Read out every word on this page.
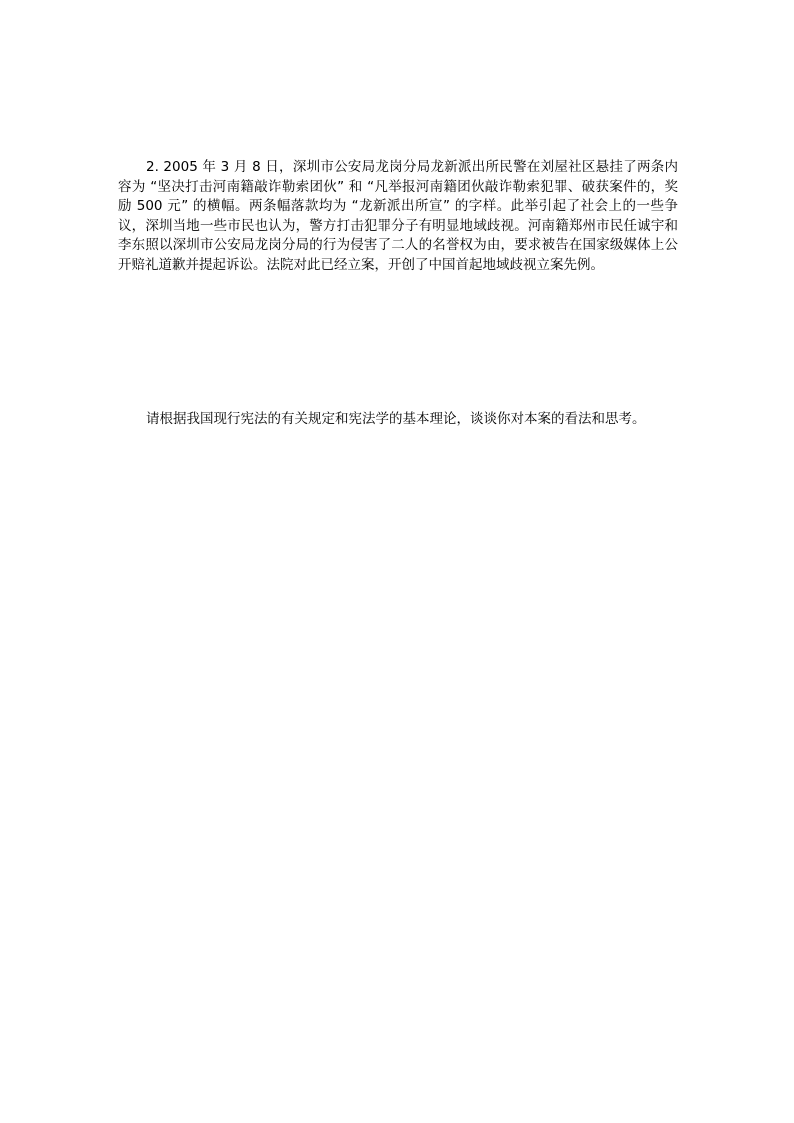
2. 2005 年 3 月 8 日，深圳市公安局龙岗分局龙新派出所民警在刘屋社区悬挂了两条内容为 “坚决打击河南籍敲诈勒索团伙” 和 “凡举报河南籍团伙敲诈勒索犯罪、破获案件的，奖励 500 元” 的横幅。两条幅落款均为 “龙新派出所宣” 的字样。此举引起了社会上的一些争议，深圳当地一些市民也认为，警方打击犯罪分子有明显地域歧视。河南籍郑州市民任诚宇和李东照以深圳市公安局龙岗分局的行为侵害了二人的名誉权为由，要求被告在国家级媒体上公开赔礼道歉并提起诉讼。法院对此已经立案，开创了中国首起地域歧视立案先例。

请根据我国现行宪法的有关规定和宪法学的基本理论，谈谈你对本案的看法和思考。
